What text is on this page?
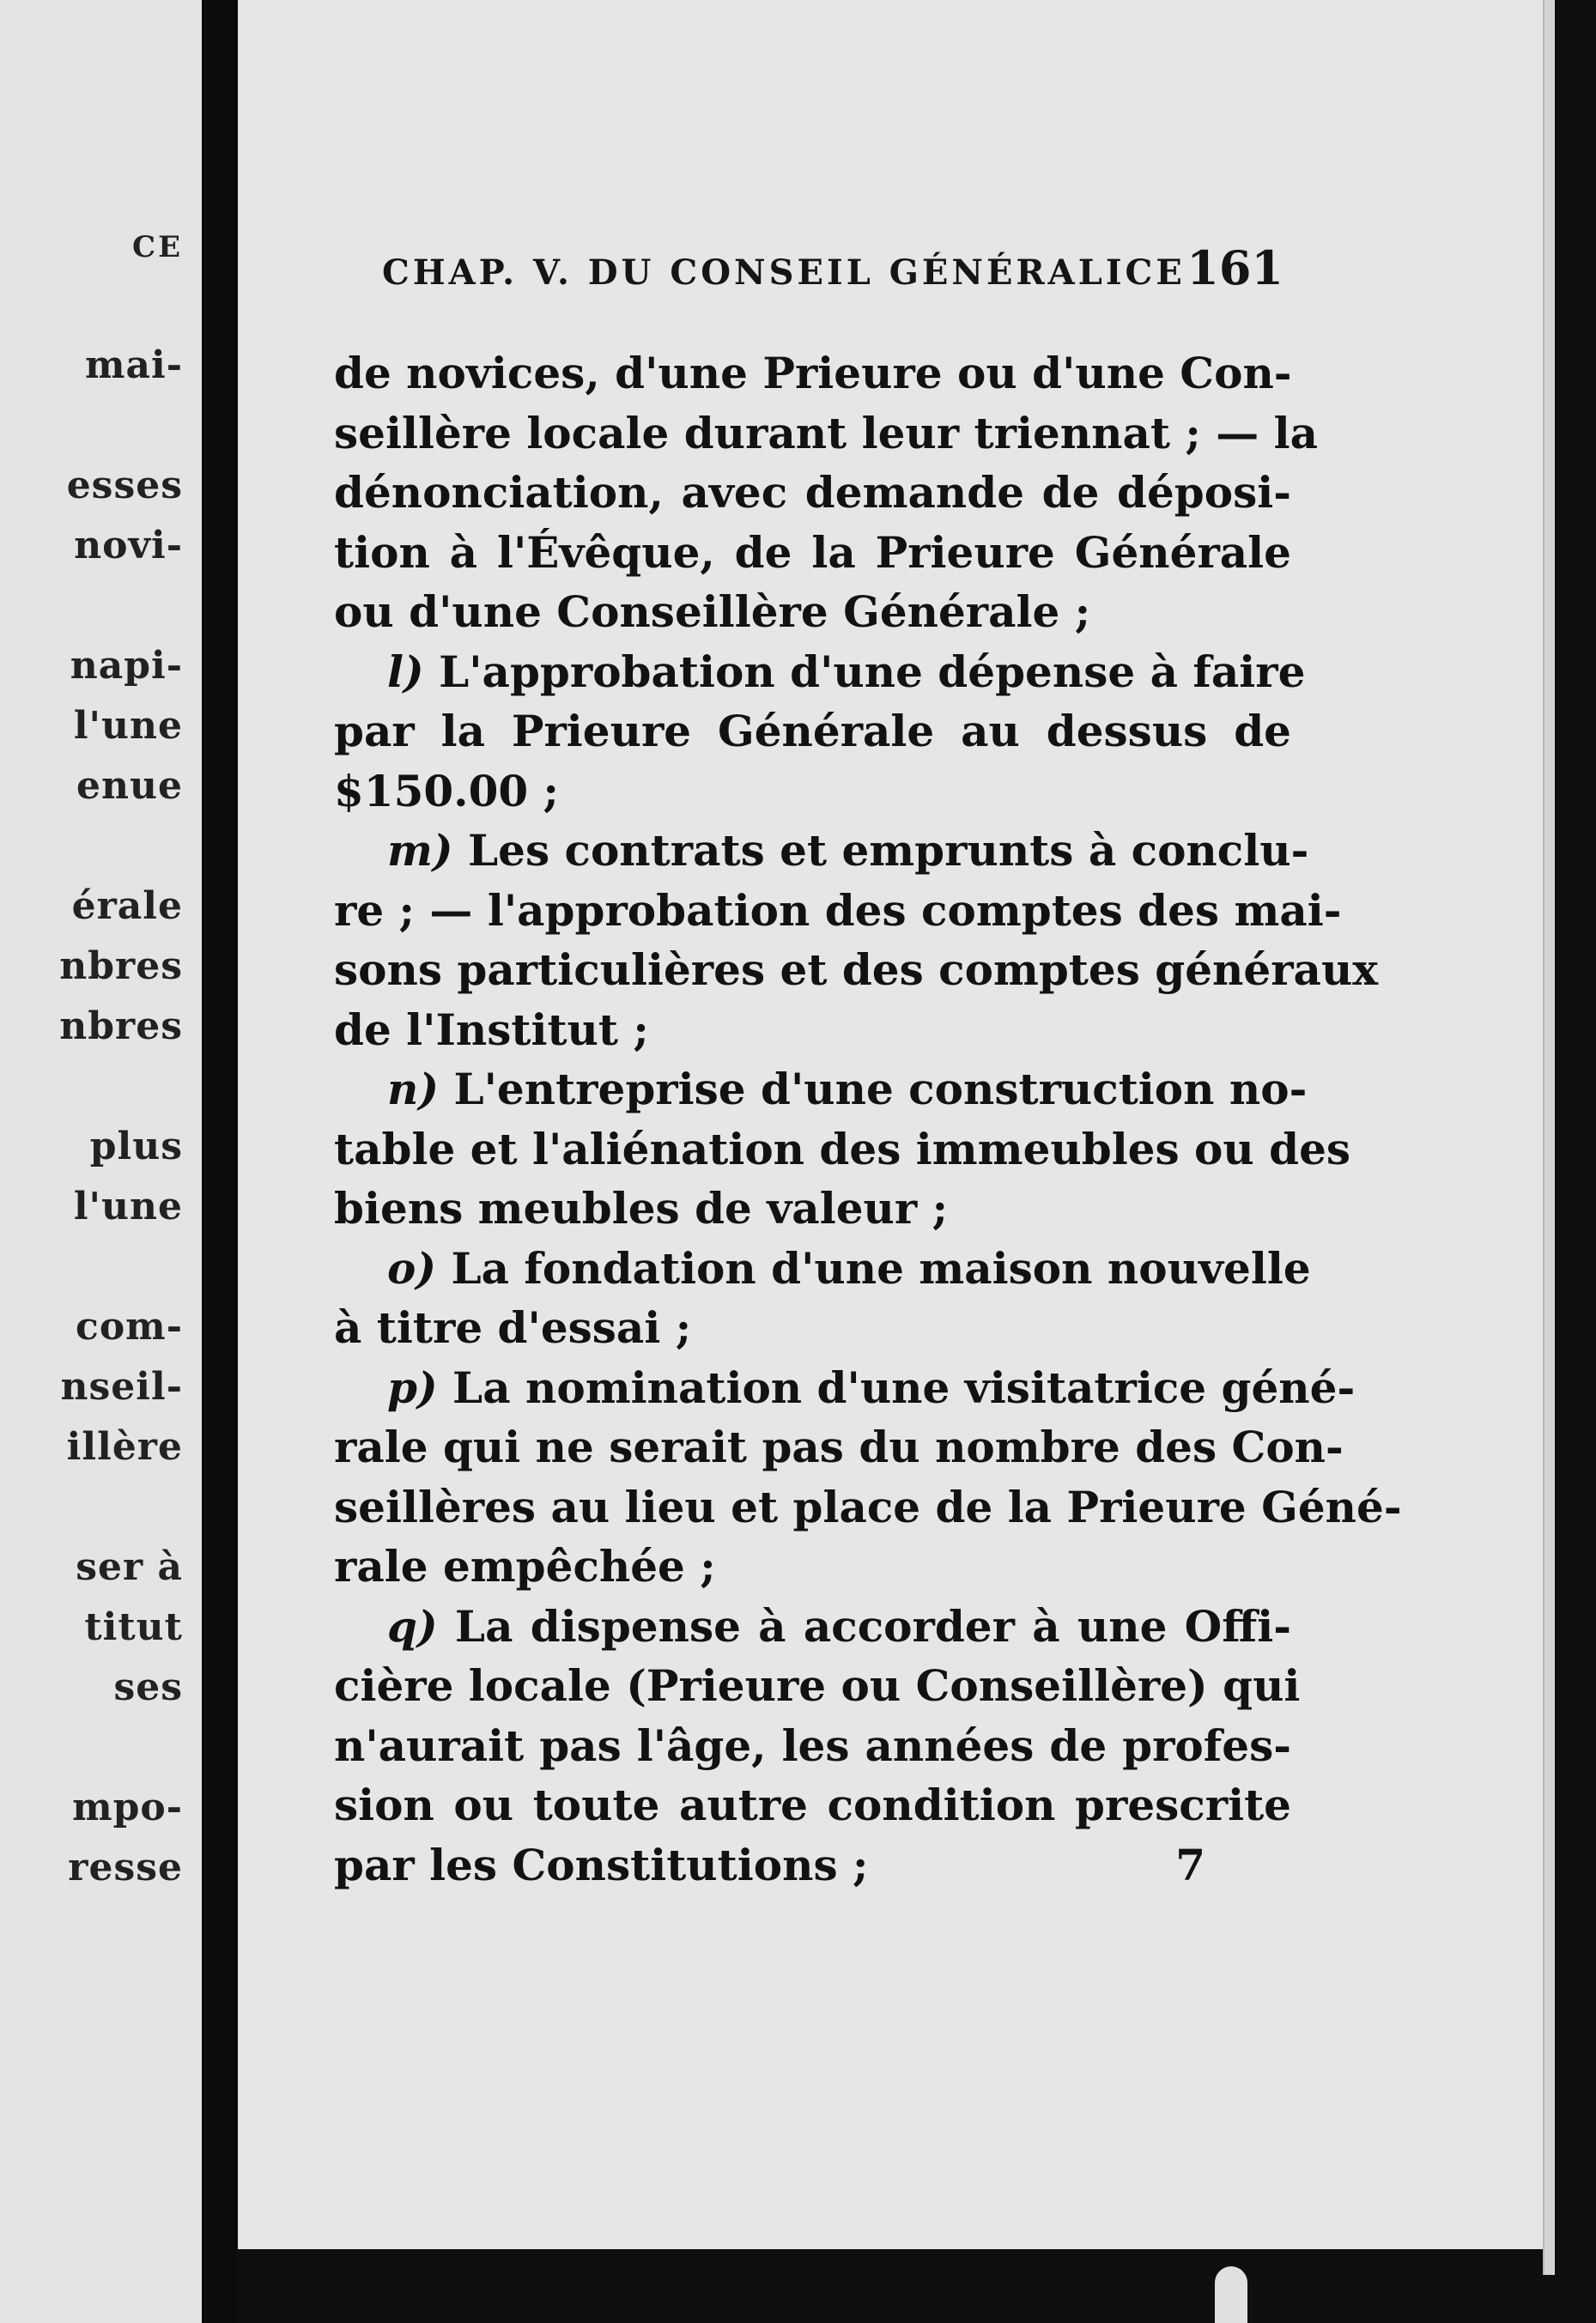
CE
mai-
esses
novi-
napi-
l'une
enue
érale
nbres
nbres
plus
l'une
com-
nseil-
illère
ser à
titut
ses
mpo-
resse
CHAP. V. DU CONSEIL GÉNÉRALICE 161
de novices, d'une Prieure ou d'une Con-
seillère locale durant leur triennat ; — la
dénonciation, avec demande de déposi-
tion à l'Évêque, de la Prieure Générale
ou d'une Conseillère Générale ;
l) L'approbation d'une dépense à faire
par la Prieure Générale au dessus de
$150.00 ;
m) Les contrats et emprunts à conclu-
re ; — l'approbation des comptes des mai-
sons particulières et des comptes généraux
de l'Institut ;
n) L'entreprise d'une construction no-
table et l'aliénation des immeubles ou des
biens meubles de valeur ;
o) La fondation d'une maison nouvelle
à titre d'essai ;
p) La nomination d'une visitatrice géné-
rale qui ne serait pas du nombre des Con-
seillères au lieu et place de la Prieure Géné-
rale empêchée ;
q) La dispense à accorder à une Offi-
cière locale (Prieure ou Conseillère) qui
n'aurait pas l'âge, les années de profes-
sion ou toute autre condition prescrite
par les Constitutions ;	7
